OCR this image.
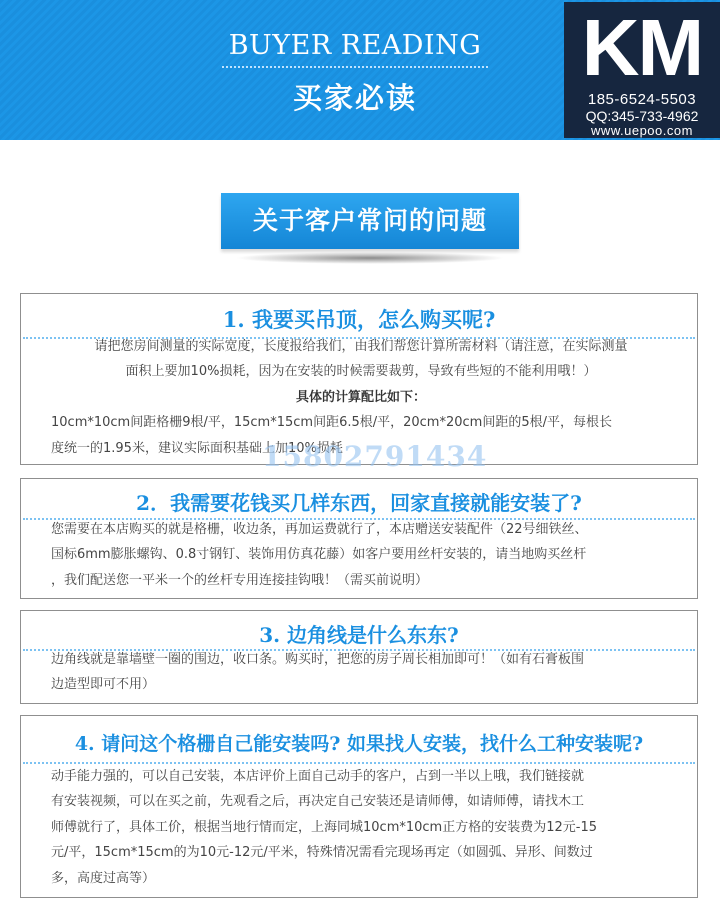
BUYER READING
买家必读
KM
185-6524-5503
QQ:345-733-4962
www.uepoo.com
关于客户常问的问题
1. 我要买吊顶，怎么购买呢?

请把您房间测量的实际宽度，长度报给我们，由我们帮您计算所需材料（请注意，在实际测量

面积上要加10%损耗，因为在安装的时候需要裁剪，导致有些短的不能利用哦！）

具体的计算配比如下：

10cm*10cm间距格栅9根/平，15cm*15cm间距6.5根/平，20cm*20cm间距的5根/平，每根长

度统一的1.95米，建议实际面积基础上加10%损耗

2．我需要花钱买几样东西，回家直接就能安装了?

您需要在本店购买的就是格栅，收边条，再加运费就行了，本店赠送安装配件（22号细铁丝、

国标6mm膨胀螺钩、0.8寸钢钉、装饰用仿真花藤）如客户要用丝杆安装的，请当地购买丝杆

，我们配送您一平米一个的丝杆专用连接挂钩哦！（需买前说明）

3. 边角线是什么东东?

边角线就是靠墙壁一圈的围边，收口条。购买时，把您的房子周长相加即可！（如有石膏板围

边造型即可不用）

4. 请问这个格栅自己能安装吗? 如果找人安装，找什么工种安装呢?

动手能力强的，可以自己安装，本店评价上面自己动手的客户，占到一半以上哦，我们链接就

有安装视频，可以在买之前，先观看之后，再决定自己安装还是请师傅，如请师傅，请找木工

师傅就行了，具体工价，根据当地行情而定，上海同城10cm*10cm正方格的安装费为12元-15

元/平，15cm*15cm的为10元-12元/平米，特殊情况需看完现场再定（如圆弧、异形、间数过

多，高度过高等）

15802791434
